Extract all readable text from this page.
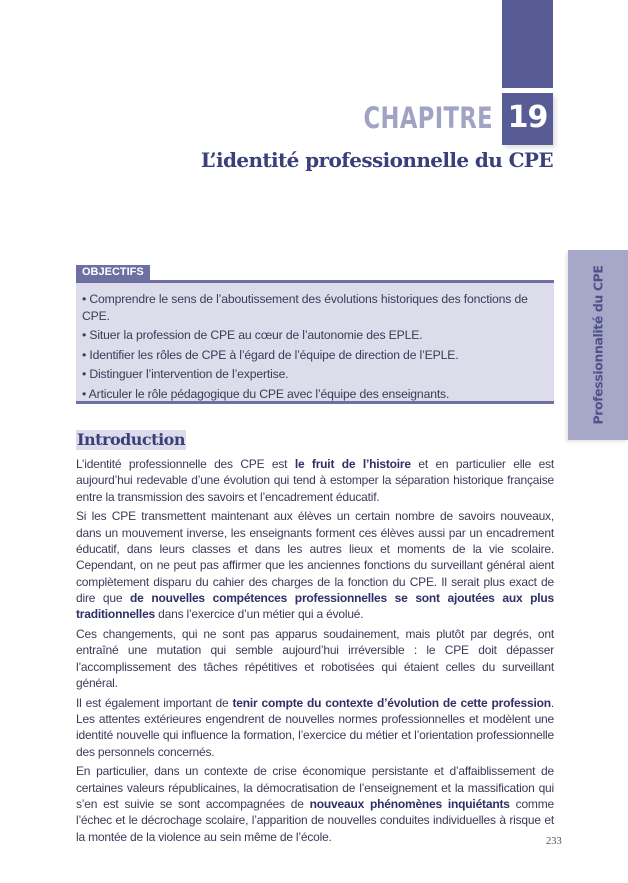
19
CHAPITRE
L’identité professionnelle du CPE
Professionnalité du CPE
OBJECTIFS
• Comprendre le sens de l’aboutissement des évolutions historiques des fonctions de CPE.
• Situer la profession de CPE au cœur de l’autonomie des EPLE.
• Identifier les rôles de CPE à l’égard de l’équipe de direction de l’EPLE.
• Distinguer l’intervention de l’expertise.
• Articuler le rôle pédagogique du CPE avec l’équipe des enseignants.
Introduction

L’identité professionnelle des CPE est le fruit de l’histoire et en particulier elle est aujourd’hui redevable d’une évolution qui tend à estomper la séparation historique française entre la transmission des savoirs et l’encadrement éducatif.

Si les CPE transmettent maintenant aux élèves un certain nombre de savoirs nouveaux, dans un mouvement inverse, les enseignants forment ces élèves aussi par un encadrement éducatif, dans leurs classes et dans les autres lieux et moments de la vie scolaire. Cependant, on ne peut pas affirmer que les anciennes fonctions du surveillant général aient complètement disparu du cahier des charges de la fonction du CPE. Il serait plus exact de dire que de nouvelles compétences professionnelles se sont ajoutées aux plus traditionnelles dans l’exercice d’un métier qui a évolué.

Ces changements, qui ne sont pas apparus soudainement, mais plutôt par degrés, ont entraîné une mutation qui semble aujourd’hui irréversible : le CPE doit dépasser l’accomplissement des tâches répétitives et robotisées qui étaient celles du surveillant général.

Il est également important de tenir compte du contexte d’évolution de cette profession. Les attentes extérieures engendrent de nouvelles normes professionnelles et modèlent une identité nouvelle qui influence la formation, l’exercice du métier et l’orientation professionnelle des personnels concernés.

En particulier, dans un contexte de crise économique persistante et d’affaiblissement de certaines valeurs républicaines, la démocratisation de l’enseignement et la massification qui s’en est suivie se sont accompagnées de nouveaux phénomènes inquiétants comme l’échec et le décrochage scolaire, l’apparition de nouvelles conduites individuelles à risque et la montée de la violence au sein même de l’école.	233
